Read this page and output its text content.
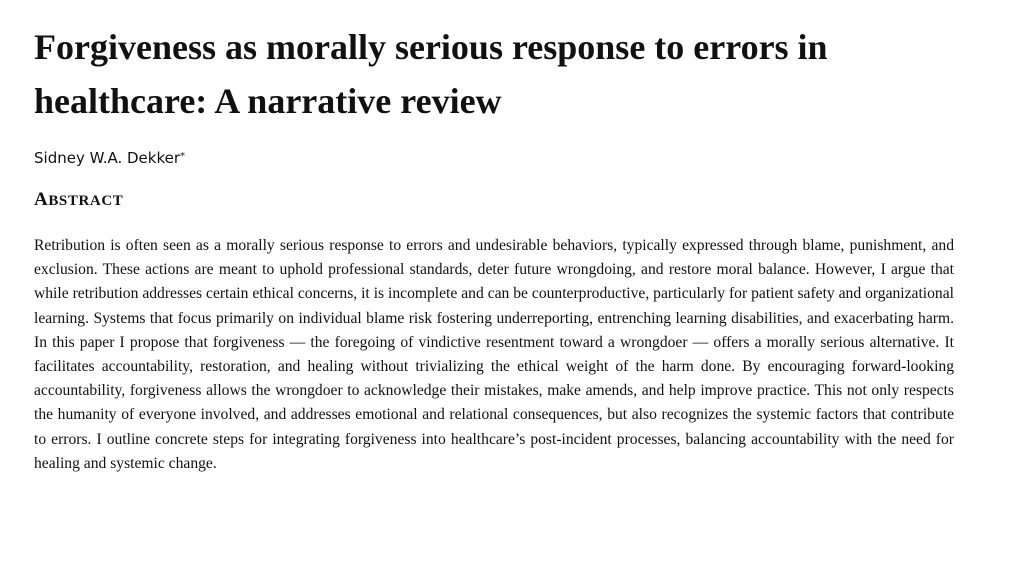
Forgiveness as morally serious response to errors in healthcare: A narrative review

Sidney W.A. Dekker*

ABSTRACT

Retribution is often seen as a morally serious response to errors and undesirable behaviors, typically expressed through blame, punishment, and exclusion. These actions are meant to uphold professional standards, deter future wrongdoing, and restore moral balance. However, I argue that while retribution addresses certain ethical concerns, it is incomplete and can be counterproductive, particularly for patient safety and organizational learning. Systems that focus primarily on individual blame risk fostering underreporting, entrenching learning disabilities, and exacerbating harm. In this paper I propose that forgiveness — the foregoing of vindictive resentment toward a wrongdoer — offers a morally serious alternative. It facilitates accountability, restoration, and healing without trivializing the ethical weight of the harm done. By encouraging forward-looking accountability, forgiveness allows the wrongdoer to acknowledge their mistakes, make amends, and help improve practice. This not only respects the humanity of everyone involved, and addresses emotional and relational consequences, but also recognizes the systemic factors that contribute to errors. I outline concrete steps for integrating forgiveness into healthcare’s post-incident processes, balancing accountability with the need for healing and systemic change.
